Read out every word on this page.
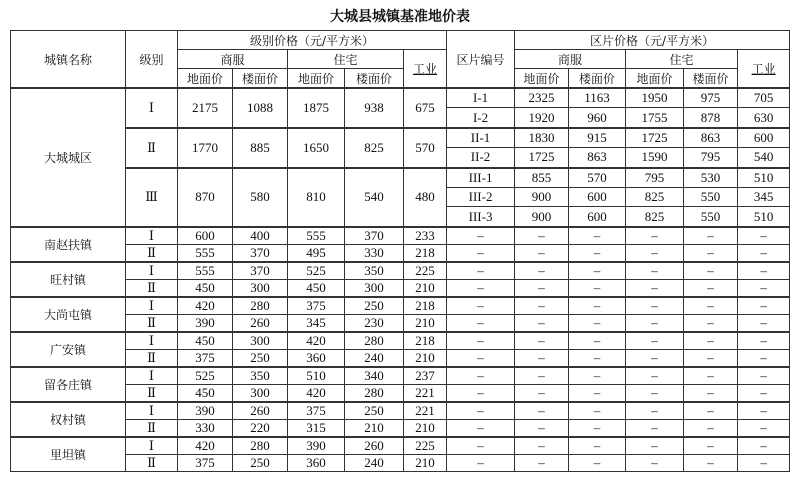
大城县城镇基准地价表
城镇名称	级别	级别价格（元/平方米）					区片编号	区片价格（元/平方米）				
		商服		住宅		工业		商服		住宅		工业
		地面价	楼面价	地面价	楼面价			地面价	楼面价	地面价	楼面价	
大城城区	Ⅰ	2175	1088	1875	938	675	I-1	2325	1163	1950	975	705
							I-2	1920	960	1755	878	630
	Ⅱ	1770	885	1650	825	570	II-1	1830	915	1725	863	600
							II-2	1725	863	1590	795	540
	Ⅲ	870	580	810	540	480	III-1	855	570	795	530	510
							III-2	900	600	825	550	345
							III-3	900	600	825	550	510
南赵扶镇	Ⅰ	600	400	555	370	233	–	–	–	–	–	–
	Ⅱ	555	370	495	330	218	–	–	–	–	–	–
旺村镇	Ⅰ	555	370	525	350	225	–	–	–	–	–	–
	Ⅱ	450	300	450	300	210	–	–	–	–	–	–
大尚屯镇	Ⅰ	420	280	375	250	218	–	–	–	–	–	–
	Ⅱ	390	260	345	230	210	–	–	–	–	–	–
广安镇	Ⅰ	450	300	420	280	218	–	–	–	–	–	–
	Ⅱ	375	250	360	240	210	–	–	–	–	–	–
留各庄镇	Ⅰ	525	350	510	340	237	–	–	–	–	–	–
	Ⅱ	450	300	420	280	221	–	–	–	–	–	–
权村镇	Ⅰ	390	260	375	250	221	–	–	–	–	–	–
	Ⅱ	330	220	315	210	210	–	–	–	–	–	–
里坦镇	Ⅰ	420	280	390	260	225	–	–	–	–	–	–
	Ⅱ	375	250	360	240	210	–	–	–	–	–	–
